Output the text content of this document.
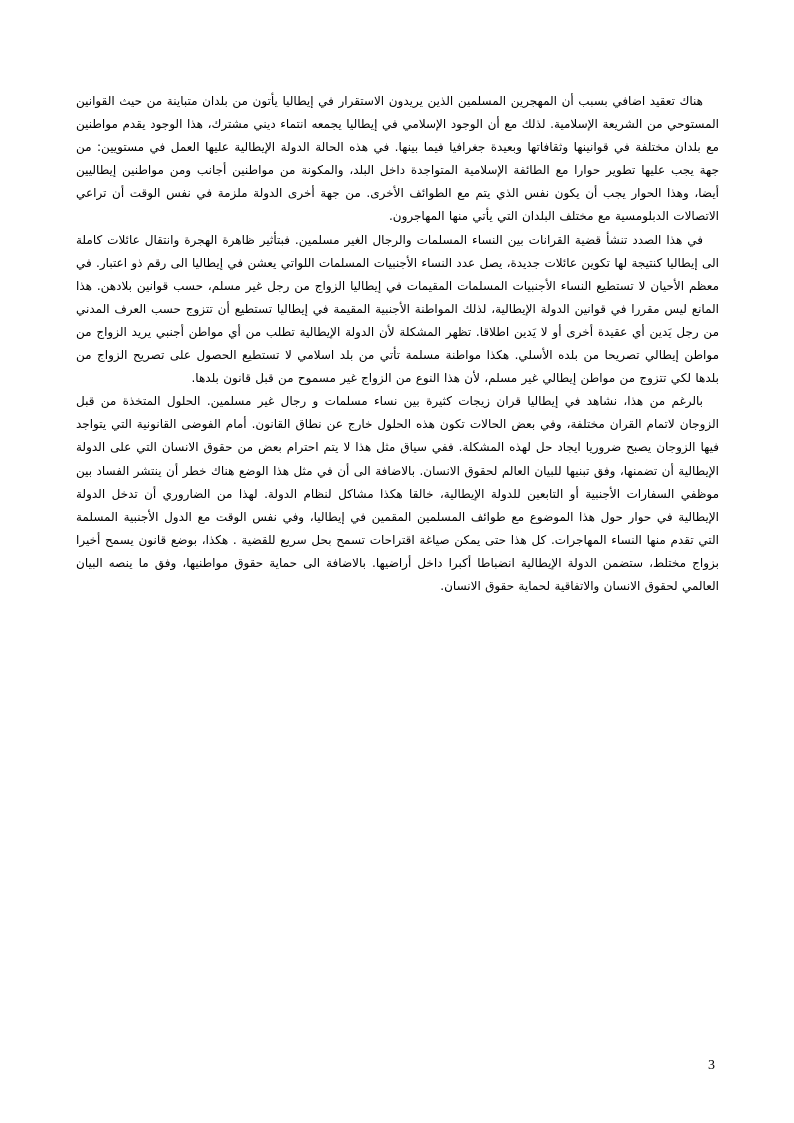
هناك تعقيد اضافي بسبب أن المهجرين المسلمين الذين يريدون الاستقرار في إيطاليا يأتون من بلدان متباينة من حيث القوانين المستوحي من الشريعة الإسلامية. لذلك مع أن الوجود الإسلامي في إيطاليا يجمعه انتماء ديني مشترك، هذا الوجود يقدم مواطنين مع بلدان مختلفة في قوانينها وثقافاتها وبعيدة جغرافيا فيما بينها. في هذه الحالة الدولة الإيطالية عليها العمل في مستويين: من جهة يجب عليها تطوير حوارا مع الطائفة الإسلامية المتواجدة داخل البلد، والمكونة من مواطنين أجانب ومن مواطنين إيطاليين أيضا، وهذا الحوار يجب أن يكون نفس الذي يتم مع الطوائف الأخرى. من جهة أخرى الدولة ملزمة في نفس الوقت أن تراعي الاتصالات الدبلومسية مع مختلف البلدان التي يأتي منها المهاجرون.

في هذا الصدد تنشأ قضية القرانات بين النساء المسلمات والرجال الغير مسلمين. فبتأثير ظاهرة الهجرة وانتقال عائلات كاملة الى إيطاليا كنتيجة لها تكوين عائلات جديدة، يصل عدد النساء الأجنبيات المسلمات اللواتي يعشن في إيطاليا الى رقم ذو اعتبار. في معظم الأحيان لا تستطيع النساء الأجنبيات المسلمات المقيمات في إيطاليا الزواج من رجل غير مسلم، حسب قوانين بلادهن. هذا المانع ليس مقررا في قوانين الدولة الإيطالية، لذلك المواطنة الأجنبية المقيمة في إيطاليا تستطيع أن تتزوج حسب العرف المدني من رجل يَدين أي عقيدة أخرى أو لا يَدين اطلاقا. تظهر المشكلة لأن الدولة الإيطالية تطلب من أي مواطن أجنبي يريد الزواج من مواطن إيطالي تصريحا من بلده الأسلي. هكذا مواطنة مسلمة تأتي من بلد اسلامي لا تستطيع الحصول على تصريح الزواج من بلدها لكي تتزوج من مواطن إيطالي غير مسلم، لأن هذا النوع من الزواج غير مسموح من قبل قانون بلدها.

بالرغم من هذا، نشاهد في إيطاليا قران زيجات كثيرة بين نساء مسلمات و رجال غير مسلمين. الحلول المتخذة من قبل الزوجان لاتمام القران مختلفة، وفي بعض الحالات تكون هذه الحلول خارج عن نطاق القانون. أمام الفوضى القانونية التي يتواجد فيها الزوجان يصبح ضروريا ايجاد حل لهذه المشكلة. ففي سياق مثل هذا لا يتم احترام بعض من حقوق الانسان التي على الدولة الإيطالية أن تضمنها، وفق تبنيها للبيان العالم لحقوق الانسان. بالاضافة الى أن في مثل هذا الوضع هناك خطر أن ينتشر الفساد بين موظفي السفارات الأجنبية أو التابعين للدولة الإيطالية، خالقا هكذا مشاكل لنظام الدولة. لهذا من الضاروري أن تدخل الدولة الإيطالية في حوار حول هذا الموضوع مع طوائف المسلمين المقمين في إيطاليا، وفي نفس الوقت مع الدول الأجنبية المسلمة التي تقدم منها النساء المهاجرات. كل هذا حتى يمكن صياغة اقتراحات تسمح بحل سريع للقضية . هكذا، بوضع قانون يسمح أخيرا بزواج مختلط، ستضمن الدولة الإيطالية انضباطا أكبرا داخل أراضيها. بالاضافة الى حماية حقوق مواطنيها، وفق ما ينصه البيان العالمي لحقوق الانسان والاتفاقية لحماية حقوق الانسان.

3
